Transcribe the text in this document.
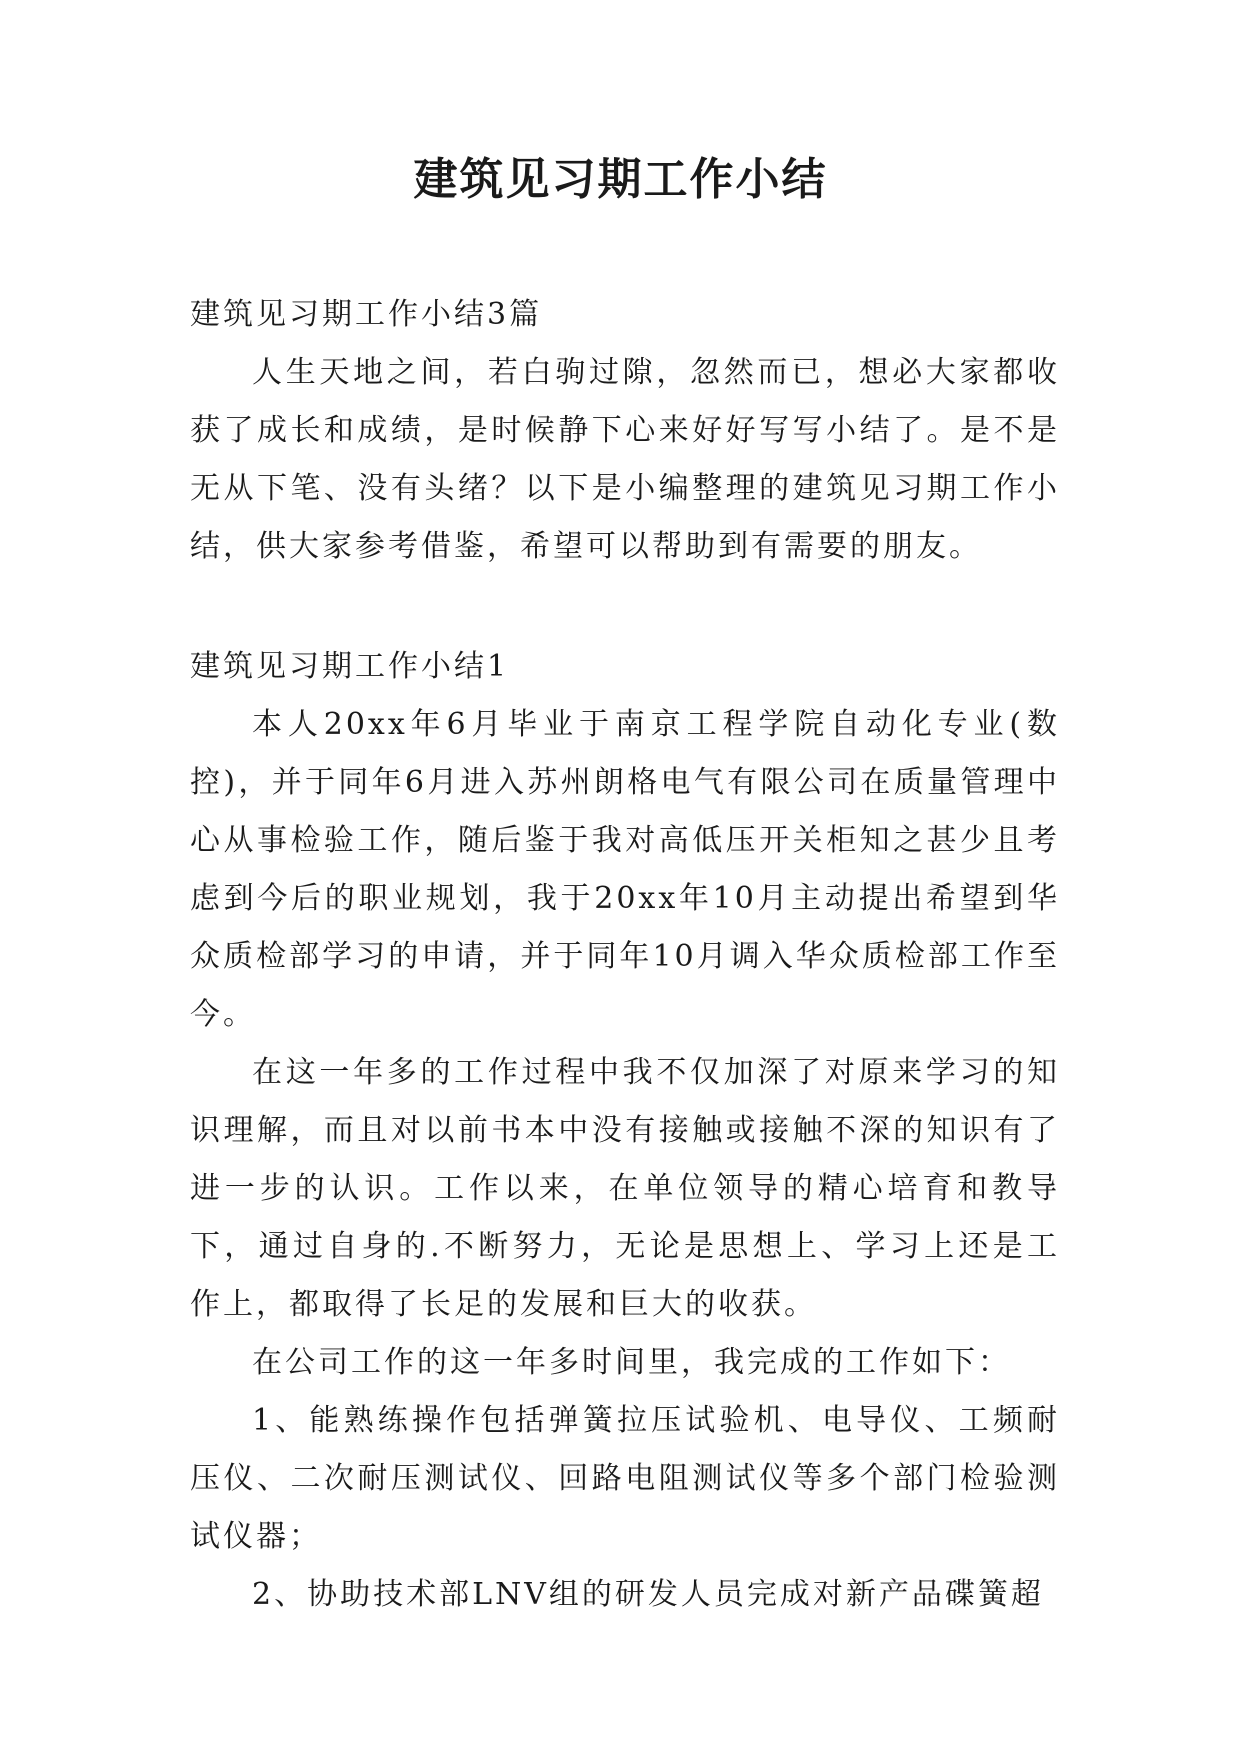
建筑见习期工作小结

建筑见习期工作小结3篇

人生天地之间，若白驹过隙，忽然而已，想必大家都收获了成长和成绩，是时候静下心来好好写写小结了。是不是无从下笔、没有头绪？以下是小编整理的建筑见习期工作小结，供大家参考借鉴，希望可以帮助到有需要的朋友。

建筑见习期工作小结1

本人20xx年6月毕业于南京工程学院自动化专业(数控)，并于同年6月进入苏州朗格电气有限公司在质量管理中心从事检验工作，随后鉴于我对高低压开关柜知之甚少且考虑到今后的职业规划，我于20xx年10月主动提出希望到华众质检部学习的申请，并于同年10月调入华众质检部工作至今。

在这一年多的工作过程中我不仅加深了对原来学习的知识理解，而且对以前书本中没有接触或接触不深的知识有了进一步的认识。工作以来，在单位领导的精心培育和教导下，通过自身的.不断努力，无论是思想上、学习上还是工作上，都取得了长足的发展和巨大的收获。

在公司工作的这一年多时间里，我完成的工作如下：

1、能熟练操作包括弹簧拉压试验机、电导仪、工频耐压仪、二次耐压测试仪、回路电阻测试仪等多个部门检验测试仪器；

2、协助技术部LNV组的研发人员完成对新产品碟簧超
